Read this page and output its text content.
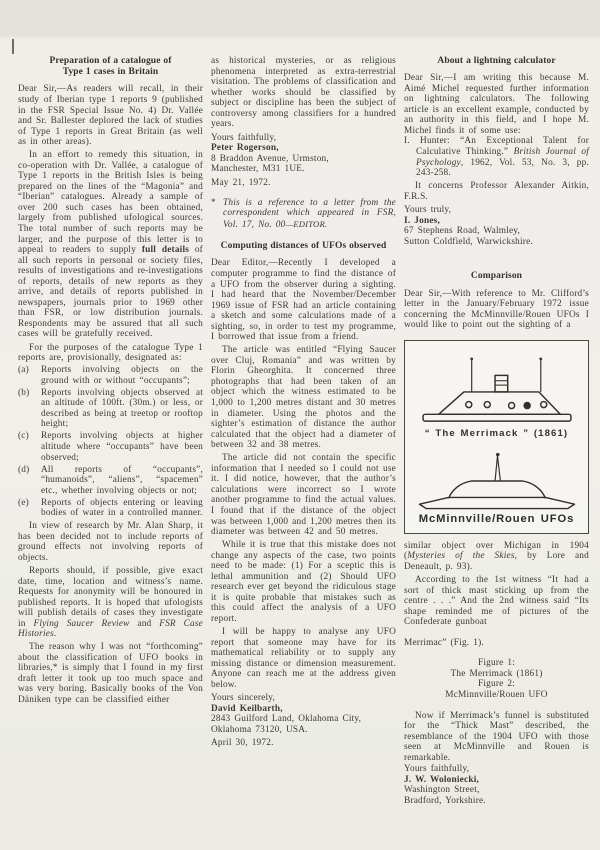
Preparation of a catalogue of
Type 1 cases in Britain

Dear Sir,—As readers will recall, in their study of Iberian type 1 reports 9 (published in the FSR Special Issue No. 4) Dr. Vallée and Sr. Ballester deplored the lack of studies of Type 1 reports in Great Britain (as well as in other areas).

In an effort to remedy this situation, in co-operation with Dr. Vallée, a catalogue of Type 1 reports in the British Isles is being prepared on the lines of the “Magonia” and “Iberian” catalogues. Already a sample of over 200 such cases has been obtained, largely from published ufological sources. The total number of such reports may be larger, and the purpose of this letter is to appeal to readers to supply full details of all such reports in personal or society files, results of investigations and re-investigations of reports, details of new reports as they arrive, and details of reports published in newspapers, journals prior to 1969 other than FSR, or low distribution journals. Respondents may be assured that all such cases will be gratefully received.

For the purposes of the catalogue Type 1 reports are, provisionally, designated as:

(a)	Reports involving objects on the ground with or without “occupants”;
(b)	Reports involving objects observed at an altitude of 100ft. (30m.) or less, or described as being at treetop or rooftop height;
(c)	Reports involving objects at higher altitude where “occupants” have been observed;
(d)	All reports of “occupants”, “humanoids”, “aliens”, “spacemen” etc., whether involving objects or not;
(e)	Reports of objects entering or leaving bodies of water in a controlled manner.

In view of research by Mr. Alan Sharp, it has been decided not to include reports of ground effects not involving reports of objects.

Reports should, if possible, give exact date, time, location and witness’s name. Requests for anonymity will be honoured in published reports. It is hoped that ufologists will publish details of cases they investigate in Flying Saucer Review and FSR Case Histories.

The reason why I was not “forthcoming” about the classification of UFO books in libraries,* is simply that I found in my first draft letter it took up too much space and was very boring. Basically books of the Von Däniken type can be classified either

as historical mysteries, or as religious phenomena interpreted as extra-terrestrial visitation. The problems of classification and whether works should be classified by subject or discipline has been the subject of controversy among classifiers for a hundred years.

Yours faithfully,

Peter Rogerson,

8 Braddon Avenue, Urmston,

Manchester, M31 1UE.

May 21, 1972.

* This is a reference to a letter from the correspondent which appeared in FSR, Vol. 17, No. 00—EDITOR.

Computing distances of UFOs observed

Dear Editor,—Recently I developed a computer programme to find the distance of a UFO from the observer during a sighting. I had heard that the November/December 1969 issue of FSR had an article containing a sketch and some calculations made of a sighting, so, in order to test my programme, I borrowed that issue from a friend.

The article was entitled “Flying Saucer over Cluj, Romania” and was written by Florin Gheorghita. It concerned three photographs that had been taken of an object which the witness estimated to be 1,000 to 1,200 metres distant and 30 metres in diameter. Using the photos and the sighter’s estimation of distance the author calculated that the object had a diameter of between 32 and 38 metres.

The article did not contain the specific information that I needed so I could not use it. I did notice, however, that the author’s calculations were incorrect so I wrote another programme to find the actual values. I found that if the distance of the object was between 1,000 and 1,200 metres then its diameter was between 42 and 50 metres.

While it is true that this mistake does not change any aspects of the case, two points need to be made: (1) For a sceptic this is lethal ammunition and (2) Should UFO research ever get beyond the ridiculous stage it is quite probable that mistakes such as this could affect the analysis of a UFO report.

I will be happy to analyse any UFO report that someone may have for its mathematical reliability or to supply any missing distance or dimension measurement. Anyone can reach me at the address given below.

Yours sincerely,

David Keilbarth,

2843 Guilford Land, Oklahoma City,

Oklahoma 73120, USA.

April 30, 1972.

About a lightning calculator

Dear Sir,—I am writing this because M. Aimé Michel requested further information on lightning calculators. The following article is an excellent example, conducted by an authority in this field, and I hope M. Michel finds it of some use:

I. Hunter: “An Exceptional Talent for Calculative Thinking.” British Journal of Psychology, 1962, Vol. 53, No. 3, pp. 243-258.

It concerns Professor Alexander Aitkin, F.R.S.

Yours truly,

I. Jones,

67 Stephens Road, Walmley,

Sutton Coldfield, Warwickshire.

Comparison

Dear Sir,—With reference to Mr. Clifford’s letter in the January/February 1972 issue concerning the McMinnville/Rouen UFOs I would like to point out the sighting of a

“ The Merrimack ” (1861)
McMinnville/Rouen UFOs

similar object over Michigan in 1904 (Mysteries of the Skies, by Lore and Deneault, p. 93).

According to the 1st witness “It had a sort of thick mast sticking up from the centre . . .” And the 2nd witness said “Its shape reminded me of pictures of the Confederate gunboat

Merrimac” (Fig. 1).

Figure 1:
The Merrimack (1861)
Figure 2:
McMinnville/Rouen UFO

Now if Merrimack’s funnel is substituted for the “Thick Mast” described, the resemblance of the 1904 UFO with those seen at McMinnville and Rouen is remarkable.

Yours faithfully,

J. W. Woloniecki,

Washington Street,

Bradford, Yorkshire.
